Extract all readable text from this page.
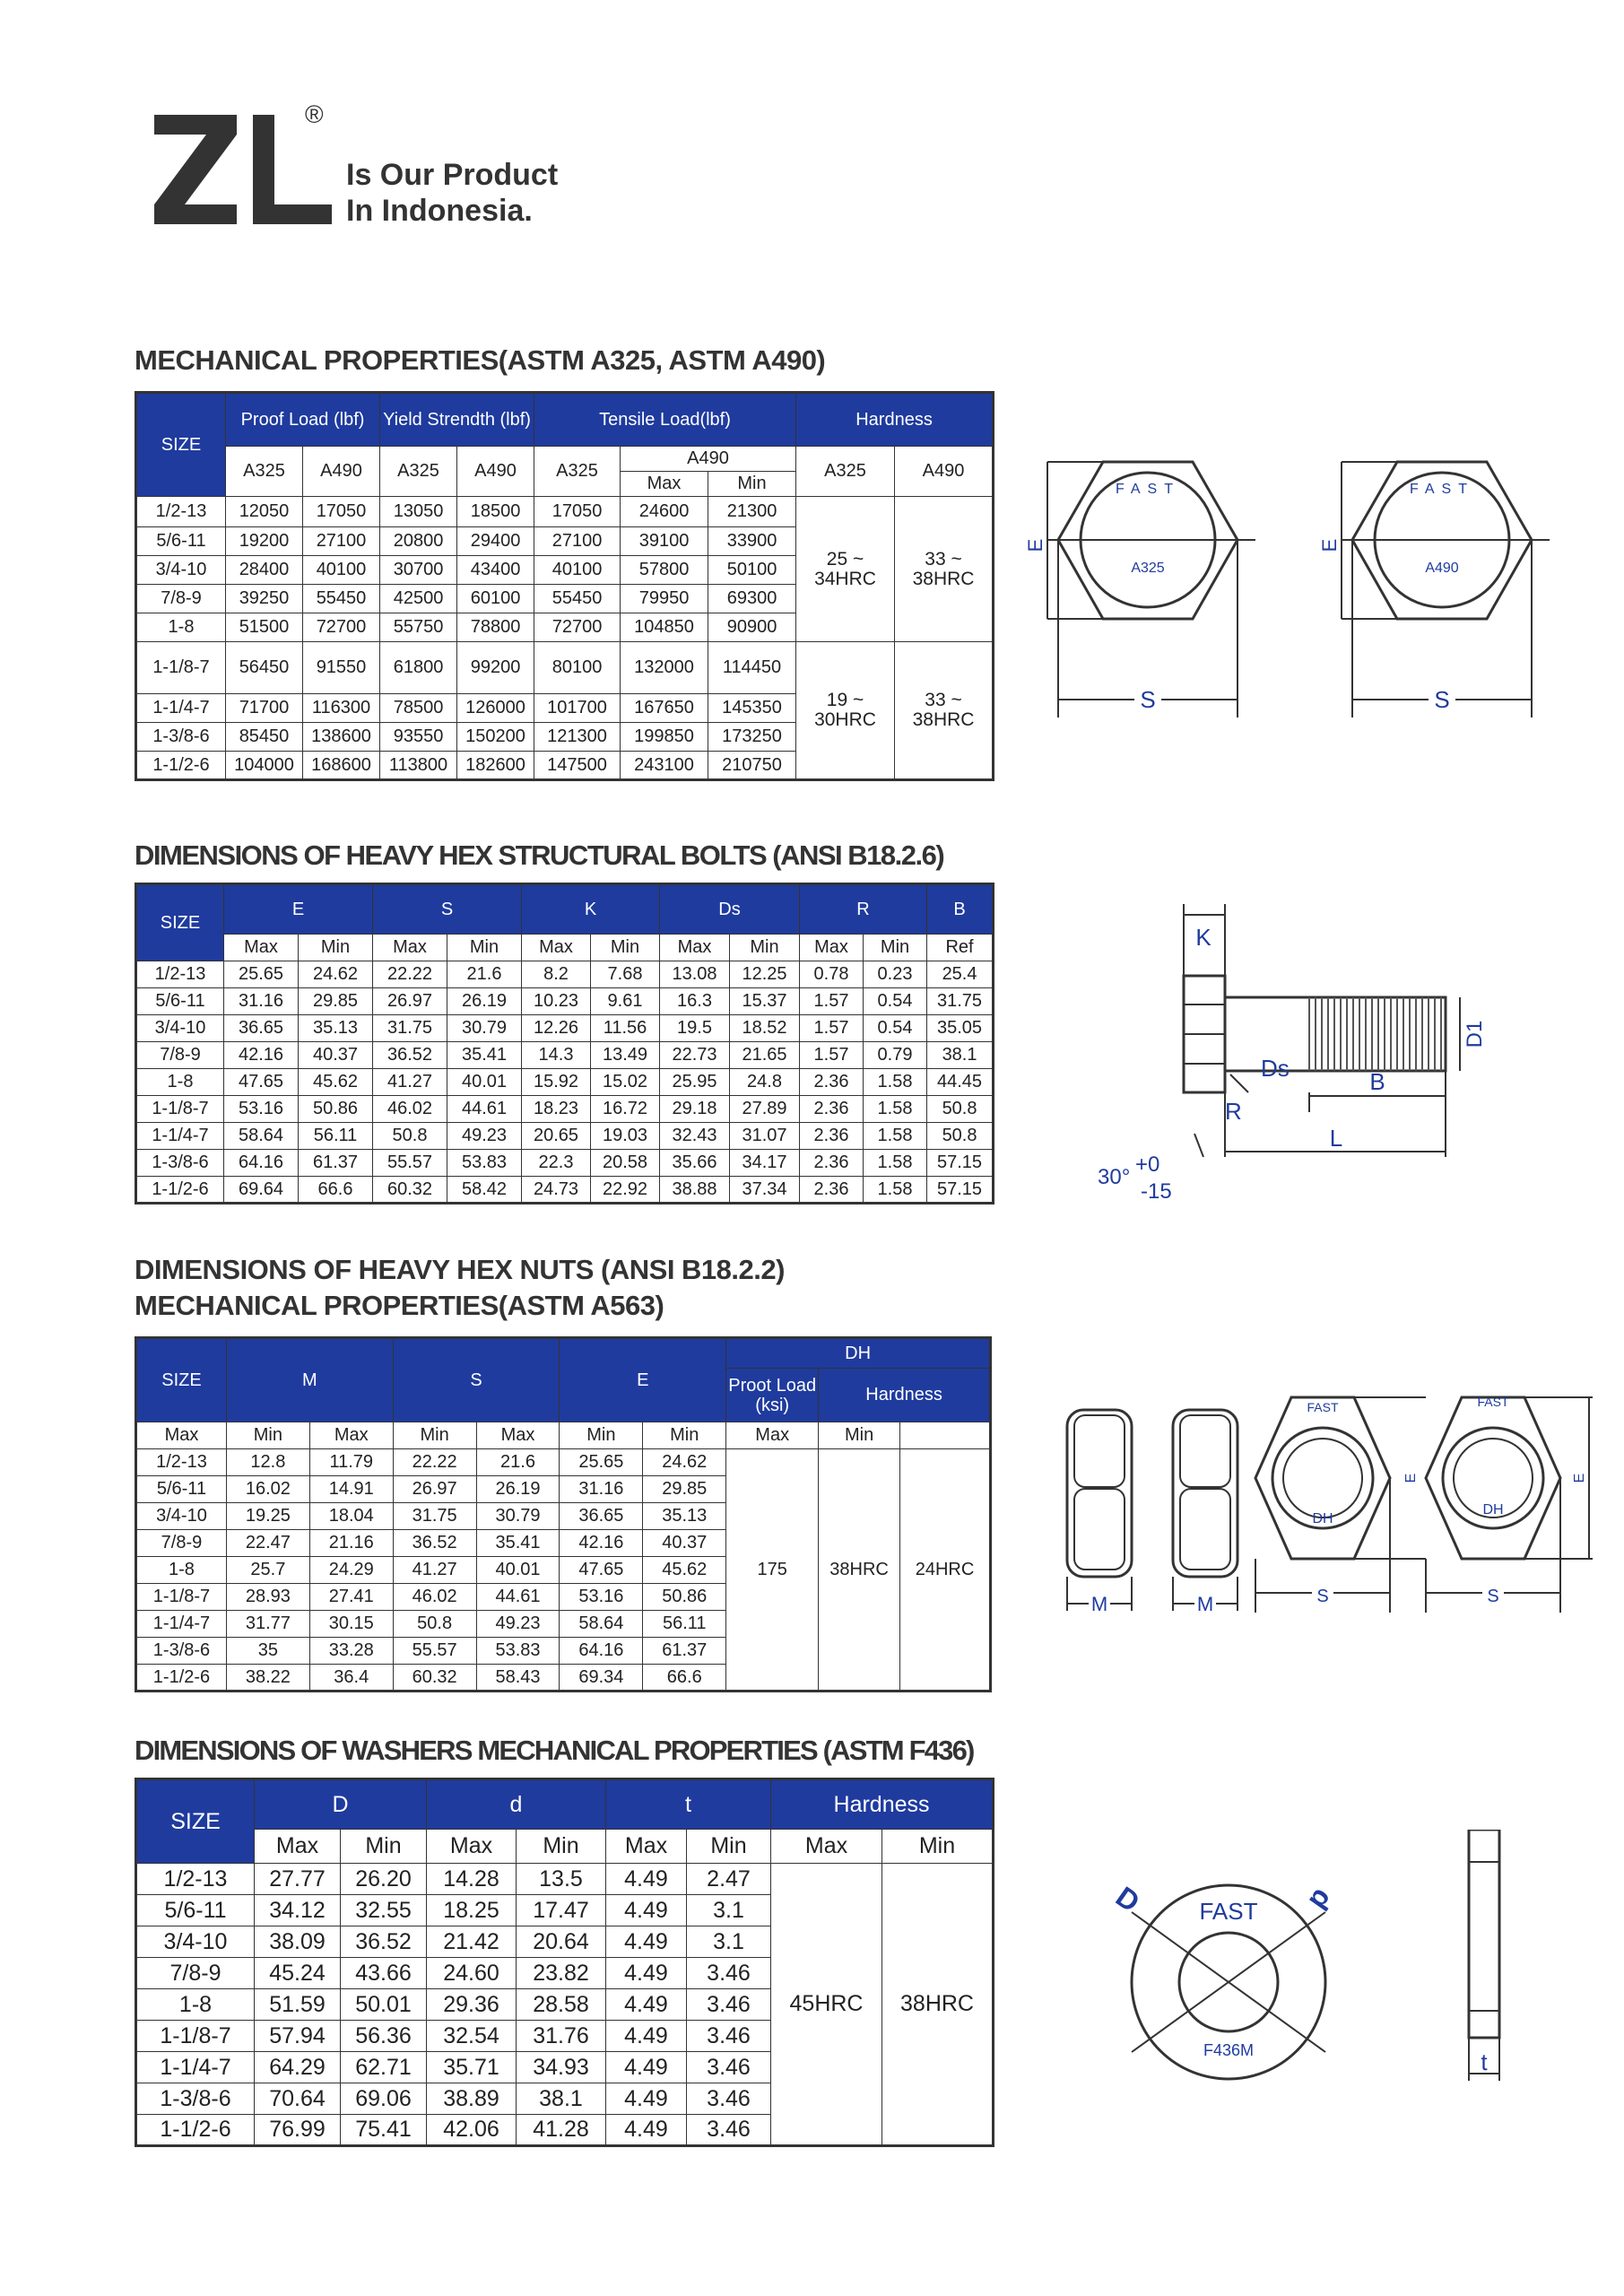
®
Is Our Product
In Indonesia.
MECHANICAL PROPERTIES(ASTM A325, ASTM A490)
SIZE	Proof Load (lbf)		Yield Strendth (lbf)		Tensile Load(lbf)			Hardness	
	A325	A490	A325	A490	A325	A490		A325	A490
						Max	Min		
1/2-13	12050	17050	13050	18500	17050	24600	21300	25 ~ 34HRC	33 ~ 38HRC
5/6-11	19200	27100	20800	29400	27100	39100	33900		
3/4-10	28400	40100	30700	43400	40100	57800	50100		
7/8-9	39250	55450	42500	60100	55450	79950	69300		
1-8	51500	72700	55750	78800	72700	104850	90900		
1-1/8-7	56450	91550	61800	99200	80100	132000	114450	19 ~ 30HRC	33 ~ 38HRC
1-1/4-7	71700	116300	78500	126000	101700	167650	145350		
1-3/8-6	85450	138600	93550	150200	121300	199850	173250		
1-1/2-6	104000	168600	113800	182600	147500	243100	210750		
E
S
FAST
A325
E
S
FAST
A490
DIMENSIONS OF HEAVY HEX STRUCTURAL BOLTS (ANSI B18.2.6)
SIZE	E		S		K		Ds		R		B
	Max	Min	Max	Min	Max	Min	Max	Min	Max	Min	Ref
1/2-13	25.65	24.62	22.22	21.6	8.2	7.68	13.08	12.25	0.78	0.23	25.4
5/6-11	31.16	29.85	26.97	26.19	10.23	9.61	16.3	15.37	1.57	0.54	31.75
3/4-10	36.65	35.13	31.75	30.79	12.26	11.56	19.5	18.52	1.57	0.54	35.05
7/8-9	42.16	40.37	36.52	35.41	14.3	13.49	22.73	21.65	1.57	0.79	38.1
1-8	47.65	45.62	41.27	40.01	15.92	15.02	25.95	24.8	2.36	1.58	44.45
1-1/8-7	53.16	50.86	46.02	44.61	18.23	16.72	29.18	27.89	2.36	1.58	50.8
1-1/4-7	58.64	56.11	50.8	49.23	20.65	19.03	32.43	31.07	2.36	1.58	50.8
1-3/8-6	64.16	61.37	55.57	53.83	22.3	20.58	35.66	34.17	2.36	1.58	57.15
1-1/2-6	69.64	66.6	60.32	58.42	24.73	22.92	38.88	37.34	2.36	1.58	57.15
K
D1
Ds	B
R
L
30°
+0
-15
DIMENSIONS OF HEAVY HEX NUTS (ANSI B18.2.2)
MECHANICAL PROPERTIES(ASTM A563)
SIZE	M		S		E		DH		
							Proot Load (ksi)	Hardness	

Max	Min	Max	Min	Max	Min	Min	Max	Min	
1/2-13	12.8	11.79	22.22	21.6	25.65	24.62	175	38HRC	24HRC
5/6-11	16.02	14.91	26.97	26.19	31.16	29.85			
3/4-10	19.25	18.04	31.75	30.79	36.65	35.13			
7/8-9	22.47	21.16	36.52	35.41	42.16	40.37			
1-8	25.7	24.29	41.27	40.01	47.65	45.62			
1-1/8-7	28.93	27.41	46.02	44.61	53.16	50.86			
1-1/4-7	31.77	30.15	50.8	49.23	58.64	56.11			
1-3/8-6	35	33.28	55.57	53.83	64.16	61.37			
1-1/2-6	38.22	36.4	60.32	58.43	69.34	66.6			
M	M
FAST
DH
S
E
FAST
DH
S
E
DIMENSIONS OF WASHERS MECHANICAL PROPERTIES (ASTM F436)
SIZE	D		d		t		Hardness	
	Max	Min	Max	Min	Max	Min	Max	Min
1/2-13	27.77	26.20	14.28	13.5	4.49	2.47	45HRC	38HRC
5/6-11	34.12	32.55	18.25	17.47	4.49	3.1		
3/4-10	38.09	36.52	21.42	20.64	4.49	3.1		
7/8-9	45.24	43.66	24.60	23.82	4.49	3.46		
1-8	51.59	50.01	29.36	28.58	4.49	3.46		
1-1/8-7	57.94	56.36	32.54	31.76	4.49	3.46		
1-1/4-7	64.29	62.71	35.71	34.93	4.49	3.46		
1-3/8-6	70.64	69.06	38.89	38.1	4.49	3.46		
1-1/2-6	76.99	75.41	42.06	41.28	4.49	3.46		
D	d
FAST
F436M	t
